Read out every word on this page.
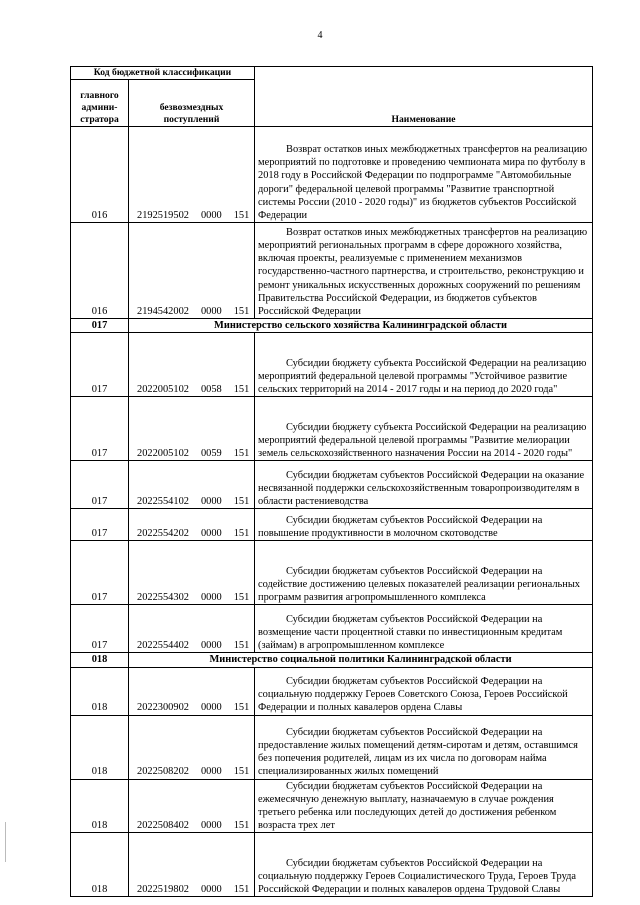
4
Код бюджетной классификации		Наименование
главного админи- стратора	безвозмездных поступлений	
016	2192519502 0000 151	Возврат остатков иных межбюджетных трансфертов на реализацию мероприятий по подготовке и проведению чемпионата мира по футболу в 2018 году в Российской Федерации по подпрограмме "Автомобильные дороги" федеральной целевой программы "Развитие транспортной системы России (2010 - 2020 годы)" из бюджетов субъектов Российской Федерации

016	2194542002 0000 151	Возврат остатков иных межбюджетных трансфертов на реализацию мероприятий региональных программ в сфере дорожного хозяйства, включая проекты, реализуемые с применением механизмов государственно-частного партнерства, и строительство, реконструкцию и ремонт уникальных искусственных дорожных сооружений по решениям Правительства Российской Федерации, из бюджетов субъектов Российской Федерации

017	Министерство сельского хозяйства Калининградской области	
017	2022005102 0058 151	Субсидии бюджету субъекта Российской Федерации на реализацию мероприятий федеральной целевой программы "Устойчивое развитие сельских территорий на 2014 - 2017 годы и на период до 2020 года"

017	2022005102 0059 151	Субсидии бюджету субъекта Российской Федерации на реализацию мероприятий федеральной целевой программы "Развитие мелиорации земель сельскохозяйственного назначения России на 2014 - 2020 годы"

017	2022554102 0000 151	Субсидии бюджетам субъектов Российской Федерации на оказание несвязанной поддержки сельскохозяйственным товаропроизводителям в области растениеводства

017	2022554202 0000 151	Субсидии бюджетам субъектов Российской Федерации на повышение продуктивности в молочном скотоводстве

017	2022554302 0000 151	Субсидии бюджетам субъектов Российской Федерации на содействие достижению целевых показателей реализации региональных программ развития агропромышленного комплекса

017	2022554402 0000 151	Субсидии бюджетам субъектов Российской Федерации на возмещение части процентной ставки по инвестиционным кредитам (займам) в агропромышленном комплексе

018	Министерство социальной политики Калининградской области	
018	2022300902 0000 151	Субсидии бюджетам субъектов Российской Федерации на социальную поддержку Героев Советского Союза, Героев Российской Федерации и полных кавалеров ордена Славы

018	2022508202 0000 151	Субсидии бюджетам субъектов Российской Федерации на предоставление жилых помещений детям-сиротам и детям, оставшимся без попечения родителей, лицам из их числа по договорам найма специализированных жилых помещений

018	2022508402 0000 151	Субсидии бюджетам субъектов Российской Федерации на ежемесячную денежную выплату, назначаемую в случае рождения третьего ребенка или последующих детей до достижения ребенком возраста трех лет

018	2022519802 0000 151	Субсидии бюджетам субъектов Российской Федерации на социальную поддержку Героев Социалистического Труда, Героев Труда Российской Федерации и полных кавалеров ордена Трудовой Славы
